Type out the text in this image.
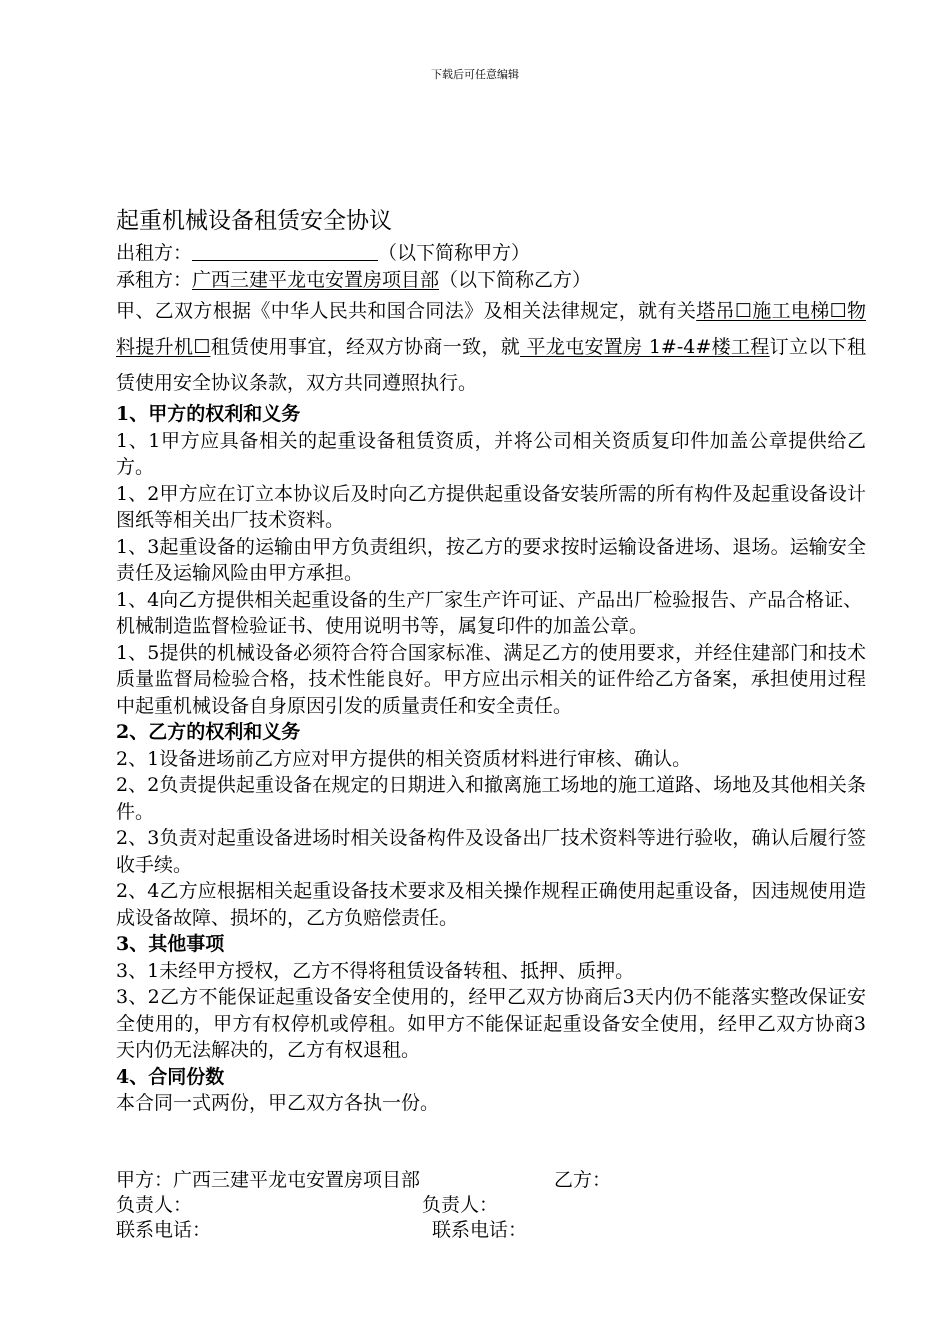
下载后可任意编辑
起重机械设备租赁安全协议
出租方：	（以下简称甲方）
承租方：广西三建平龙屯安置房项目部（以下简称乙方）
甲、乙双方根据《中华人民共和国合同法》及相关法律规定，就有关塔吊☐施工电梯☐物料提升机☐租赁使用事宜，经双方协商一致，就 平龙屯安置房 1#-4#楼工程订立以下租赁使用安全协议条款，双方共同遵照执行。
1、甲方的权利和义务
1、1甲方应具备相关的起重设备租赁资质，并将公司相关资质复印件加盖公章提供给乙方。
1、2甲方应在订立本协议后及时向乙方提供起重设备安装所需的所有构件及起重设备设计图纸等相关出厂技术资料。
1、3起重设备的运输由甲方负责组织，按乙方的要求按时运输设备进场、退场。运输安全责任及运输风险由甲方承担。
1、4向乙方提供相关起重设备的生产厂家生产许可证、产品出厂检验报告、产品合格证、机械制造监督检验证书、使用说明书等，属复印件的加盖公章。
1、5提供的机械设备必须符合符合国家标准、满足乙方的使用要求，并经住建部门和技术质量监督局检验合格，技术性能良好。甲方应出示相关的证件给乙方备案，承担使用过程中起重机械设备自身原因引发的质量责任和安全责任。
2、乙方的权利和义务
2、1设备进场前乙方应对甲方提供的相关资质材料进行审核、确认。
2、2负责提供起重设备在规定的日期进入和撤离施工场地的施工道路、场地及其他相关条件。
2、3负责对起重设备进场时相关设备构件及设备出厂技术资料等进行验收，确认后履行签收手续。
2、4乙方应根据相关起重设备技术要求及相关操作规程正确使用起重设备，因违规使用造成设备故障、损坏的，乙方负赔偿责任。
3、其他事项
3、1未经甲方授权，乙方不得将租赁设备转租、抵押、质押。
3、2乙方不能保证起重设备安全使用的，经甲乙双方协商后3天内仍不能落实整改保证安全使用的，甲方有权停机或停租。如甲方不能保证起重设备安全使用，经甲乙双方协商3天内仍无法解决的，乙方有权退租。
4、合同份数
本合同一式两份，甲乙双方各执一份。
甲方：广西三建平龙屯安置房项目部	乙方：
负责人：	负责人：
联系电话：	联系电话：
